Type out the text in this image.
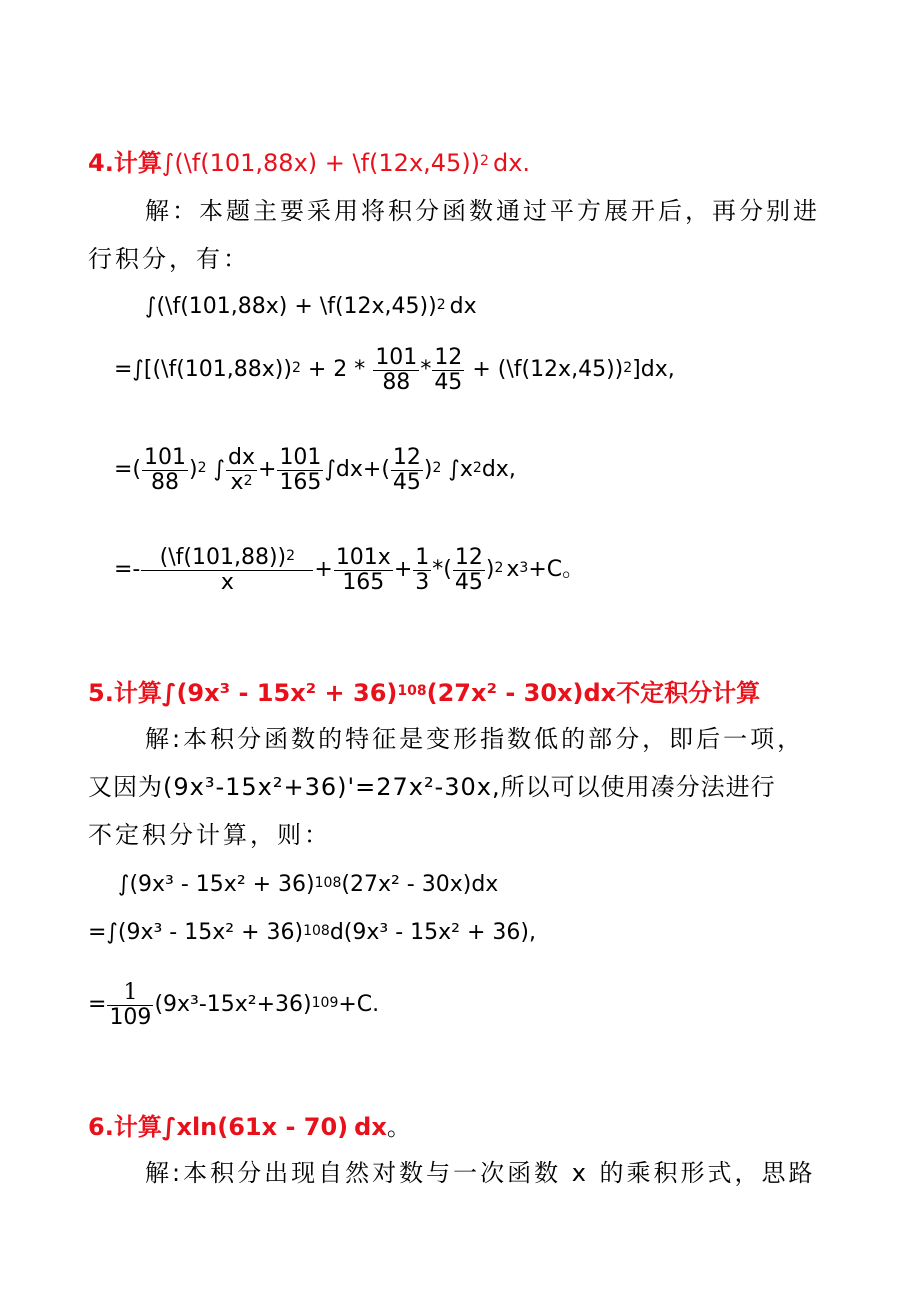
4.计算∫(\f(101,88x) + \f(12x,45))$^2$ dx.
解：本题主要采用将积分函数通过平方展开后，再分别进
行积分，有：
∫(\f(101,88x) + \f(12x,45))$^2$ dx
=∫[(\f(101,88x))$^2$ + $2 * \frac{101}{88} * \frac{12}{45}$ + (\f(12x,45))$^2$]dx,
=( $\frac{101}{88} )^2$ ∫ $\frac{dx}{x^2} + \frac{101}{165} \int dx+( \frac{12}{45} )^2$ $\int x^2dx$,
=- $\frac{(\backslash f(101,88))^2}{x} + \frac{101x}{165} + \frac{1}{3}$ *( $\frac{12}{45} )^2$ $x^3+C$。
5.计算$\int(9x^3 - 15x^2 + 36)^{108}(27x^2 - 30x)dx$不定积分计算
解:本积分函数的特征是变形指数低的部分，即后一项，
又因为(9x³-15x²+36)'=27x²-30x,所以可以使用凑分法进行
不定积分计算，则：
$\int(9x^3 - 15x^2 + 36)^{108}(27x^2 - 30x)dx$
$=\int(9x^3 - 15x^2 + 36)^{108}d(9x^3 - 15x^2 + 36)$,
= $\frac{1}{109} (9x^3-15x^2+36)^{109}+C$.
6.计算∫xln(61x - 70) dx。
解:本积分出现自然对数与一次函数 x 的乘积形式，思路
